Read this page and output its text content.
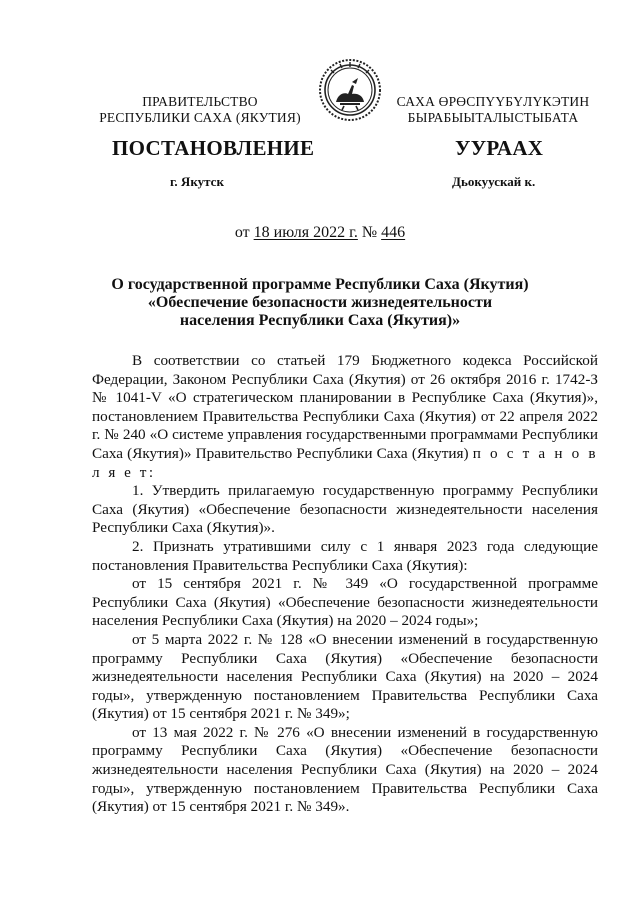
ПРАВИТЕЛЬСТВО
РЕСПУБЛИКИ САХА (ЯКУТИЯ)
САХА ӨРӨСПҮҮБҮЛҮКЭТИН
БЫРАБЫЫТАЛЫСТЫБАТА
ПОСТАНОВЛЕНИЕ	УУРААХ
г. Якутск	Дьокуускай к.
от 18 июля 2022 г. № 446
О государственной программе Республики Саха (Якутия)
«Обеспечение безопасности жизнедеятельности
населения Республики Саха (Якутия)»

В соответствии со статьей 179 Бюджетного кодекса Российской Федерации, Законом Республики Саха (Якутия) от 26 октября 2016 г. 1742-З № 1041-V «О стратегическом планировании в Республике Саха (Якутия)», постановлением Правительства Республики Саха (Якутия) от 22 апреля 2022 г. № 240 «О системе управления государственными программами Республики Саха (Якутия)» Правительство Республики Саха (Якутия) п о с т а н о в л я е т:

1. Утвердить прилагаемую государственную программу Республики Саха (Якутия) «Обеспечение безопасности жизнедеятельности населения Республики Саха (Якутия)».

2. Признать утратившими силу с 1 января 2023 года следующие постановления Правительства Республики Саха (Якутия):

от 15 сентября 2021 г. № 349 «О государственной программе Республики Саха (Якутия) «Обеспечение безопасности жизнедеятельности населения Республики Саха (Якутия) на 2020 – 2024 годы»;

от 5 марта 2022 г. № 128 «О внесении изменений в государственную программу Республики Саха (Якутия) «Обеспечение безопасности жизнедеятельности населения Республики Саха (Якутия) на 2020 – 2024 годы», утвержденную постановлением Правительства Республики Саха (Якутия) от 15 сентября 2021 г. № 349»;

от 13 мая 2022 г. № 276 «О внесении изменений в государственную программу Республики Саха (Якутия) «Обеспечение безопасности жизнедеятельности населения Республики Саха (Якутия) на 2020 – 2024 годы», утвержденную постановлением Правительства Республики Саха (Якутия) от 15 сентября 2021 г. № 349».
